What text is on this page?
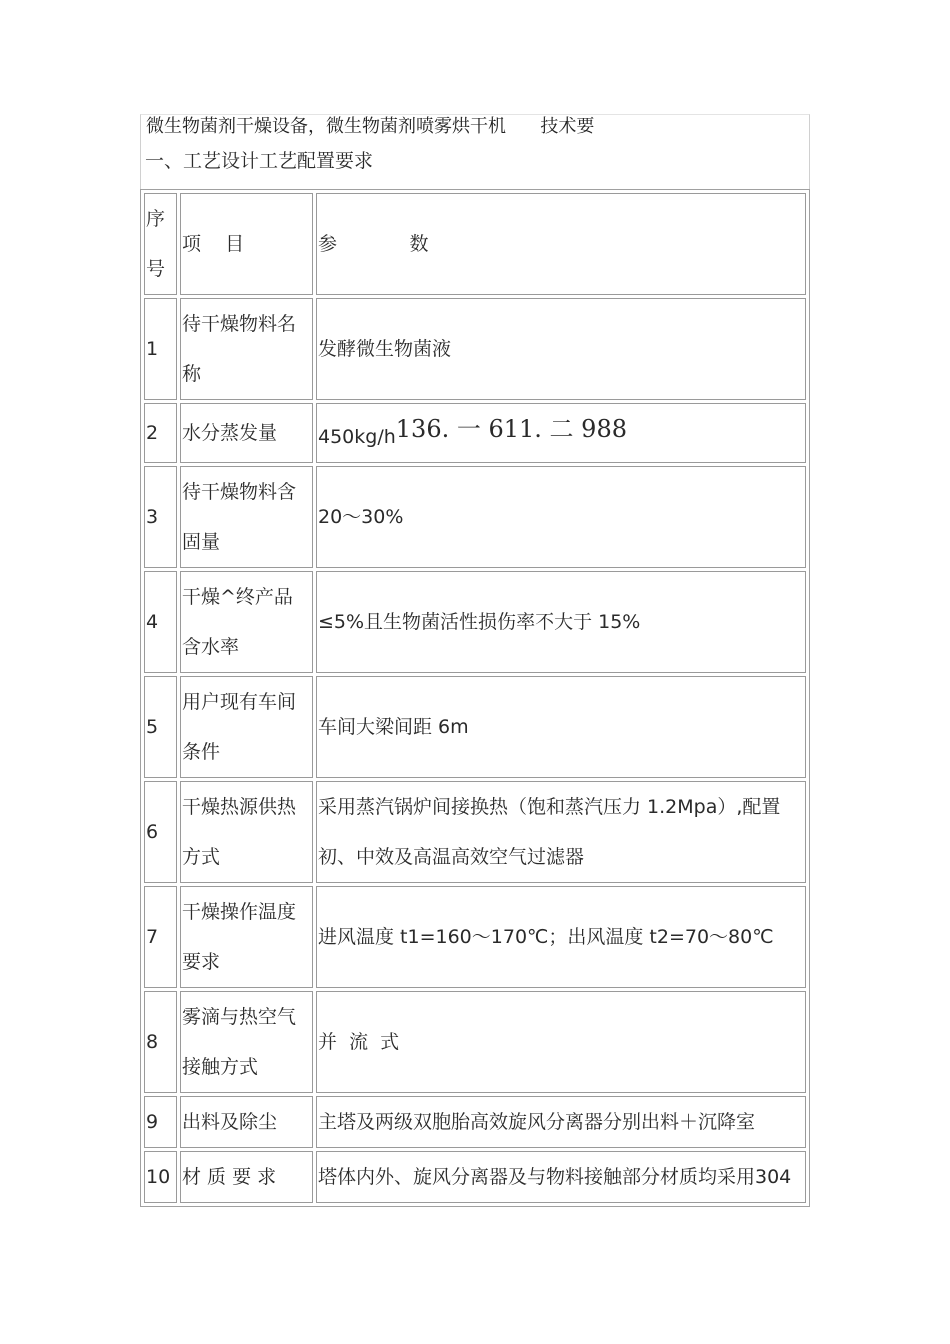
微生物菌剂干燥设备，微生物菌剂喷雾烘干机      技术要
一、工艺设计工艺配置要求
序号	项    目	参            数
1	待干燥物料名称	发酵微生物菌液
2	水分蒸发量	450kg/h136. 一 611. 二 988
3	待干燥物料含固量	20～30%
4	干燥^终产品含水率	≤5%且生物菌活性损伤率不大于 15%
5	用户现有车间条件	车间大梁间距 6m
6	干燥热源供热方式	采用蒸汽锅炉间接换热（饱和蒸汽压力 1.2Mpa）,配置初、中效及高温高效空气过滤器
7	干燥操作温度要求	进风温度 t1=160～170℃；出风温度 t2=70～80℃
8	雾滴与热空气接触方式	并  流  式
9	出料及除尘	主塔及两级双胞胎高效旋风分离器分别出料＋沉降室
10	材 质 要 求	塔体内外、旋风分离器及与物料接触部分材质均采用304
